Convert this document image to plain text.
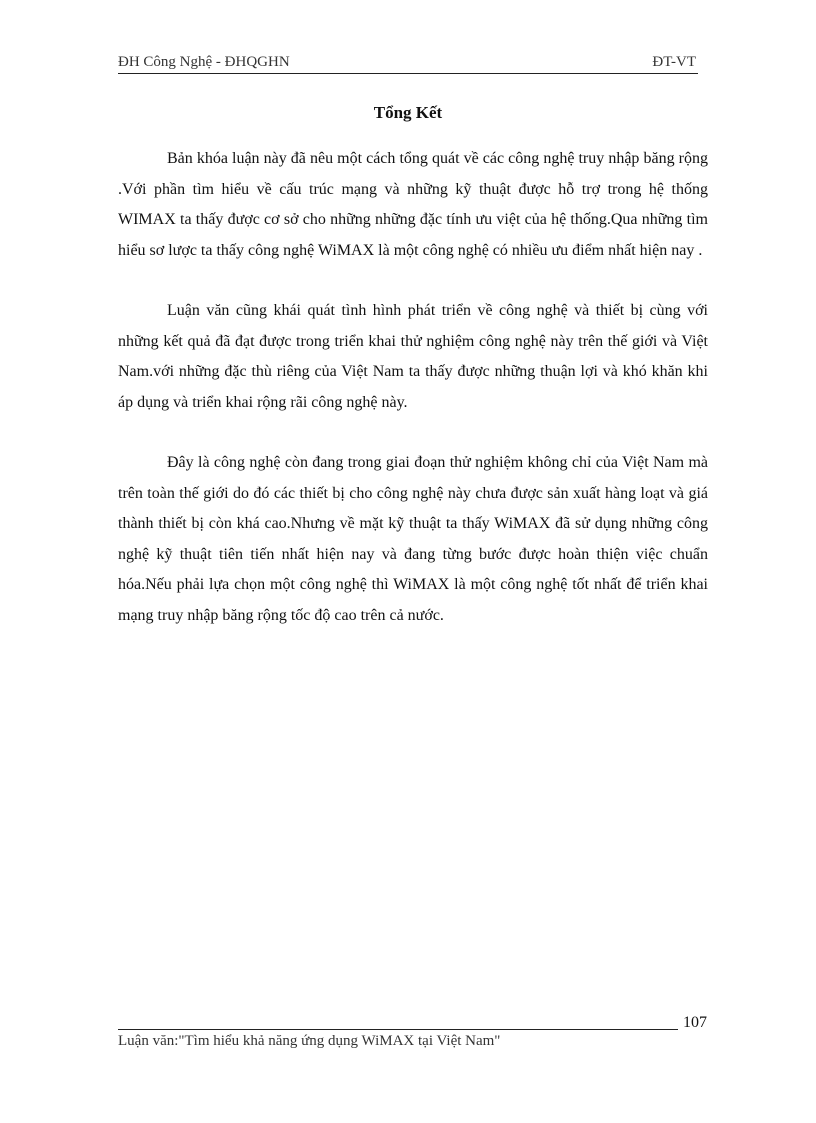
ĐH Công Nghệ - ĐHQGHN	ĐT-VT
Tổng Kết

Bản khóa luận này đã nêu một cách tổng quát về các công nghệ truy nhập băng rộng .Với phần tìm hiểu về cấu trúc mạng và những kỹ thuật được hỗ trợ trong hệ thống WIMAX ta thấy được cơ sở cho những những đặc tính ưu việt của hệ thống.Qua những tìm hiểu sơ lược ta thấy công nghệ WiMAX là một công nghệ có nhiều ưu điểm nhất hiện nay .

Luận văn cũng khái quát tình hình phát triển về công nghệ và thiết bị cùng với những kết quả đã đạt được trong triển khai thử nghiệm công nghệ này trên thế giới và Việt Nam.với những đặc thù riêng của Việt Nam ta thấy được những thuận lợi và khó khăn khi áp dụng và triển khai rộng rãi công nghệ này.

Đây là công nghệ còn đang trong giai đoạn thử nghiệm không chỉ của Việt Nam mà trên toàn thế giới do đó các thiết bị cho công nghệ này chưa được sản xuất hàng loạt và giá thành thiết bị còn khá cao.Nhưng về mặt kỹ thuật ta thấy WiMAX đã sử dụng những công nghệ kỹ thuật tiên tiến nhất hiện nay và đang từng bước được hoàn thiện việc chuẩn hóa.Nếu phải lựa chọn một công nghệ thì WiMAX là một công nghệ tốt nhất để triển khai mạng truy nhập băng rộng tốc độ cao trên cả nước.

107
Luận văn:"Tìm hiểu khả năng ứng dụng WiMAX tại Việt Nam"
